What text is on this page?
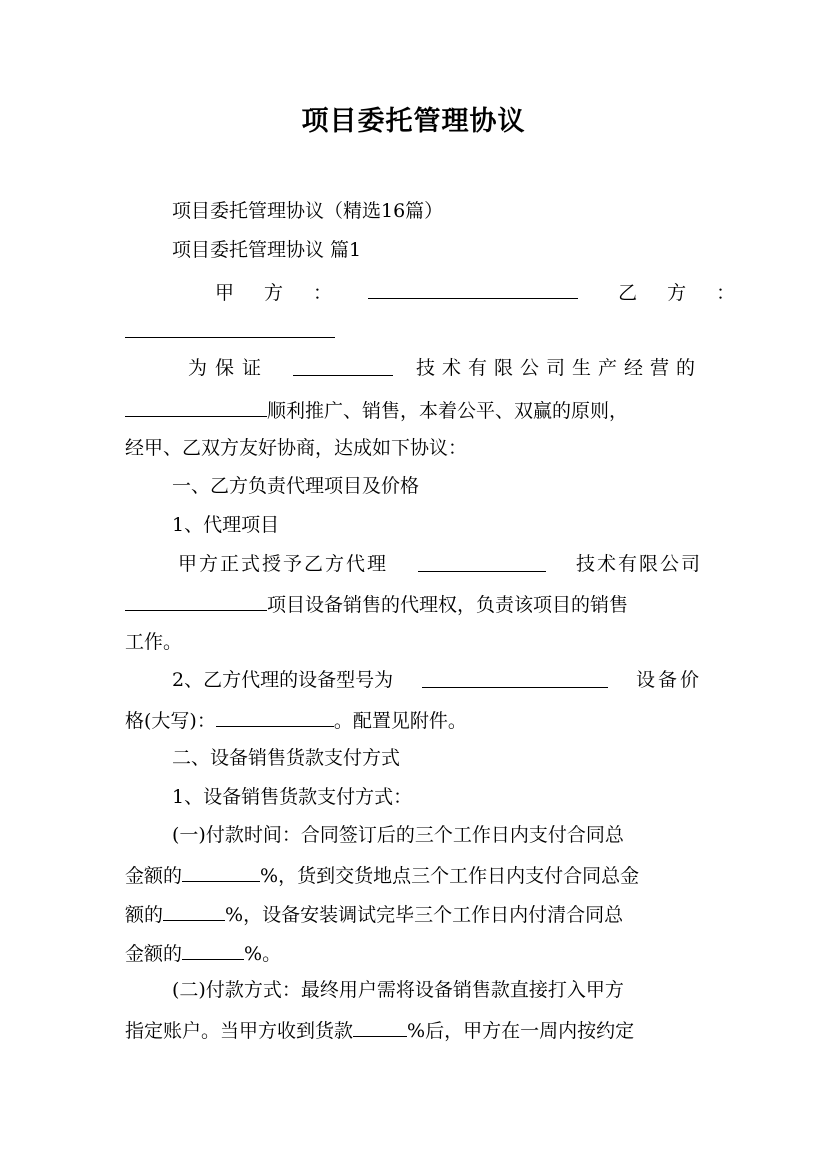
项目委托管理协议
项目委托管理协议（精选16篇）
项目委托管理协议 篇1
甲方：	乙方：
为保证	技术有限公司生产经营的
顺利推广、销售，本着公平、双赢的原则，
经甲、乙双方友好协商，达成如下协议：
一、乙方负责代理项目及价格
1、代理项目
甲方正式授予乙方代理	技术有限公司
项目设备销售的代理权，负责该项目的销售
工作。
2、乙方代理的设备型号为	设备价
格(大写)：	。配置见附件。
二、设备销售货款支付方式
1、设备销售货款支付方式：
(一)付款时间：合同签订后的三个工作日内支付合同总
金额的	%，货到交货地点三个工作日内支付合同总金
额的	%，设备安装调试完毕三个工作日内付清合同总
金额的	%。
(二)付款方式：最终用户需将设备销售款直接打入甲方
指定账户。当甲方收到货款	%后，甲方在一周内按约定
